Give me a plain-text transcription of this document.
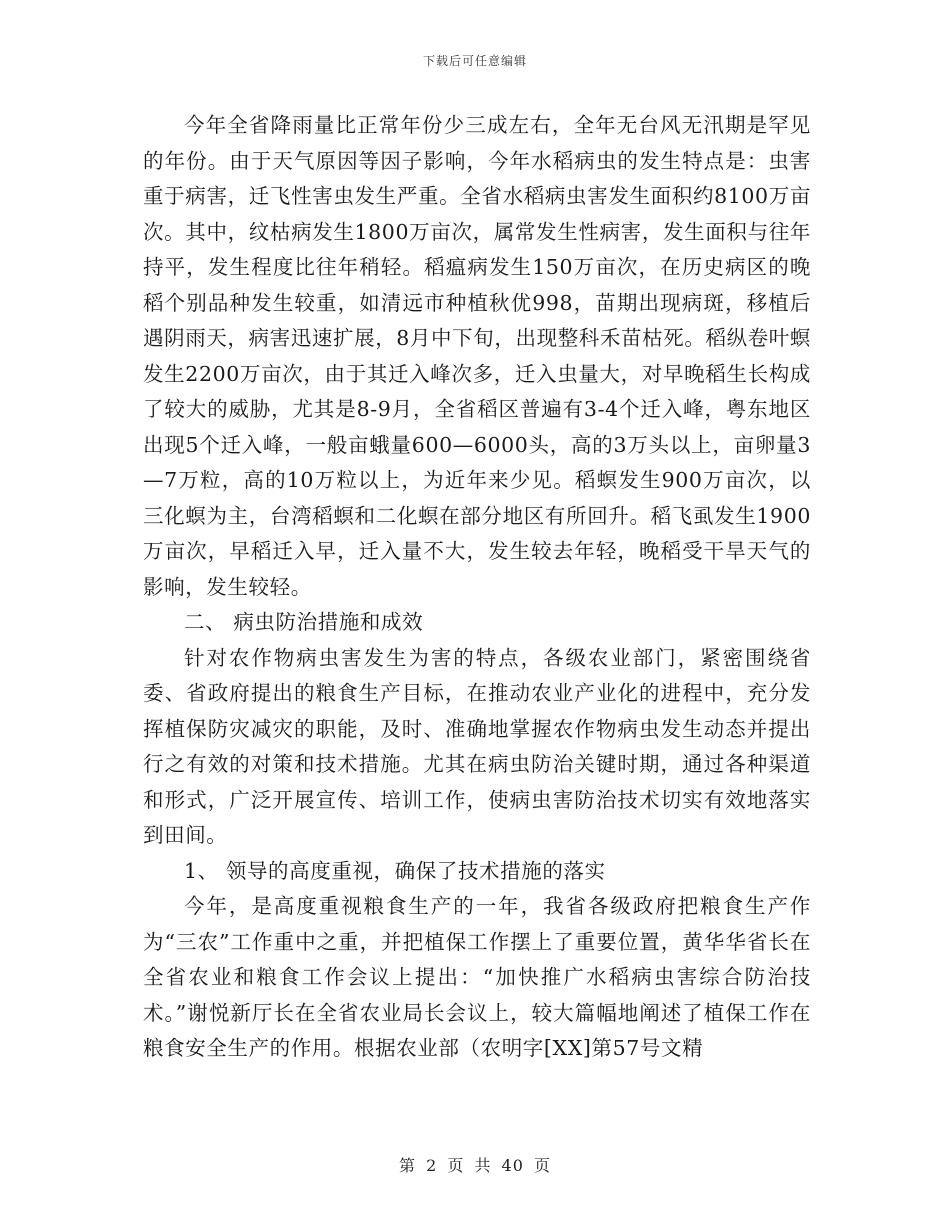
下载后可任意编辑

今年全省降雨量比正常年份少三成左右，全年无台风无汛期是罕见的年份。由于天气原因等因子影响，今年水稻病虫的发生特点是：虫害重于病害，迁飞性害虫发生严重。全省水稻病虫害发生面积约8100万亩次。其中，纹枯病发生1800万亩次，属常发生性病害，发生面积与往年持平，发生程度比往年稍轻。稻瘟病发生150万亩次，在历史病区的晚稻个别品种发生较重，如清远市种植秋优998，苗期出现病斑，移植后遇阴雨天，病害迅速扩展，8月中下旬，出现整科禾苗枯死。稻纵卷叶螟发生2200万亩次，由于其迁入峰次多，迁入虫量大，对早晚稻生长构成了较大的威胁，尤其是8-9月，全省稻区普遍有3-4个迁入峰，粤东地区出现5个迁入峰，一般亩蛾量600—6000头，高的3万头以上，亩卵量3—7万粒，高的10万粒以上，为近年来少见。稻螟发生900万亩次，以三化螟为主，台湾稻螟和二化螟在部分地区有所回升。稻飞虱发生1900万亩次，早稻迁入早，迁入量不大，发生较去年轻，晚稻受干旱天气的影响，发生较轻。

二、 病虫防治措施和成效

针对农作物病虫害发生为害的特点，各级农业部门，紧密围绕省委、省政府提出的粮食生产目标，在推动农业产业化的进程中，充分发挥植保防灾减灾的职能，及时、准确地掌握农作物病虫发生动态并提出行之有效的对策和技术措施。尤其在病虫防治关键时期，通过各种渠道和形式，广泛开展宣传、培训工作，使病虫害防治技术切实有效地落实到田间。

1、 领导的高度重视，确保了技术措施的落实

今年，是高度重视粮食生产的一年，我省各级政府把粮食生产作为“三农”工作重中之重，并把植保工作摆上了重要位置，黄华华省长在全省农业和粮食工作会议上提出：“加快推广水稻病虫害综合防治技术。”谢悦新厅长在全省农业局长会议上，较大篇幅地阐述了植保工作在粮食安全生产的作用。根据农业部（农明字[XX]第57号文精

第 2 页 共 40 页
